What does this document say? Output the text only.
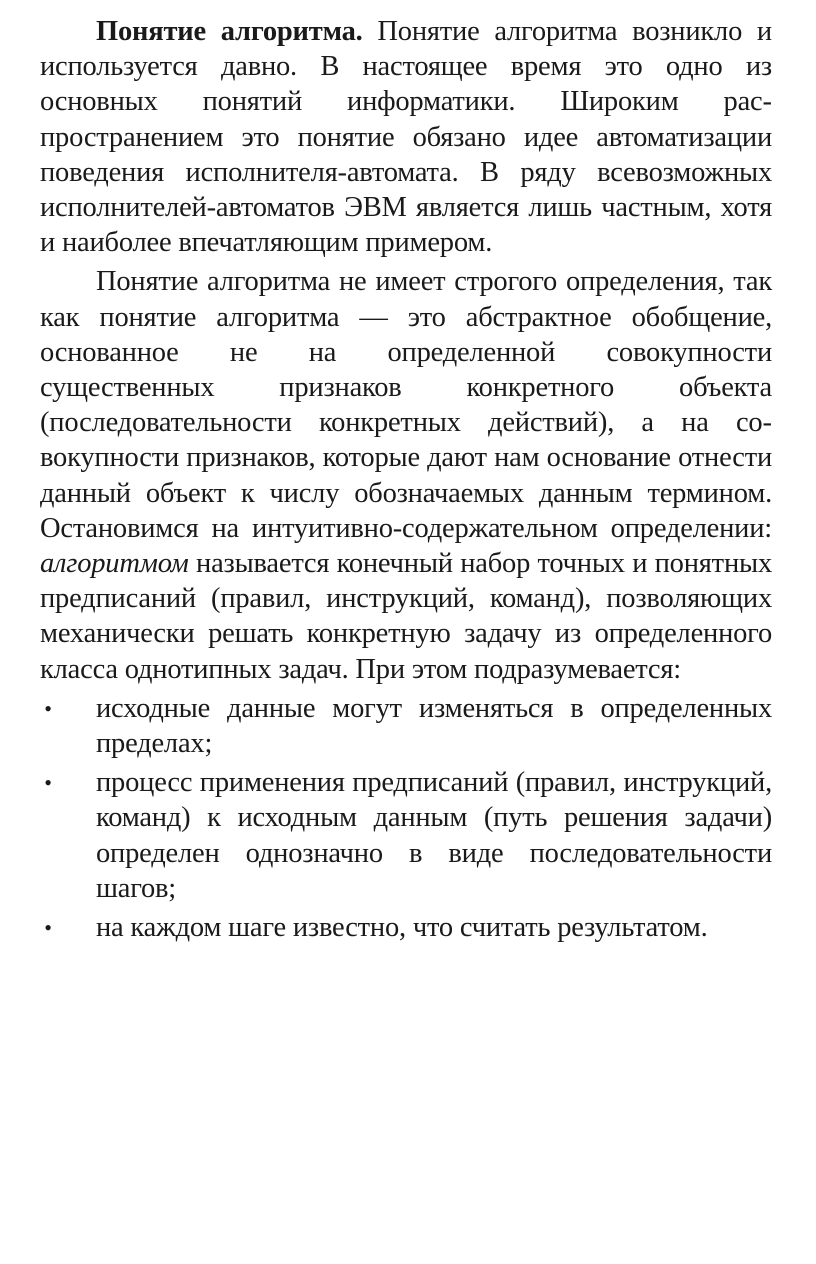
Понятие алгоритма. Понятие алгоритма возникло и используется давно. В настоящее время это одно из основных понятий информатики. Широким распространением это понятие обязано идее автоматизации поведения исполнителя-автомата. В ряду всевозможных исполнителей-автоматов ЭВМ является лишь частным, хотя и наиболее впечатляющим примером.

Понятие алгоритма не имеет строгого определения, так как понятие алгоритма — это абстрактное обобщение, основанное не на определенной совокупности существенных признаков конкретного объекта (последовательности конкретных действий), а на совокупности признаков, которые дают нам основание отнести данный объект к числу обозначаемых данным термином. Остановимся на интуитивно-содержательном определении: алгоритмом называется конечный набор точных и понятных предписаний (правил, инструкций, команд), позволяющих механически решать конкретную задачу из определенного класса однотипных задач. При этом подразумевается:

• исходные данные могут изменяться в определенных пределах;
• процесс применения предписаний (правил, инструкций, команд) к исходным данным (путь решения задачи) определен однозначно в виде последовательности шагов;
• на каждом шаге известно, что считать результатом.
